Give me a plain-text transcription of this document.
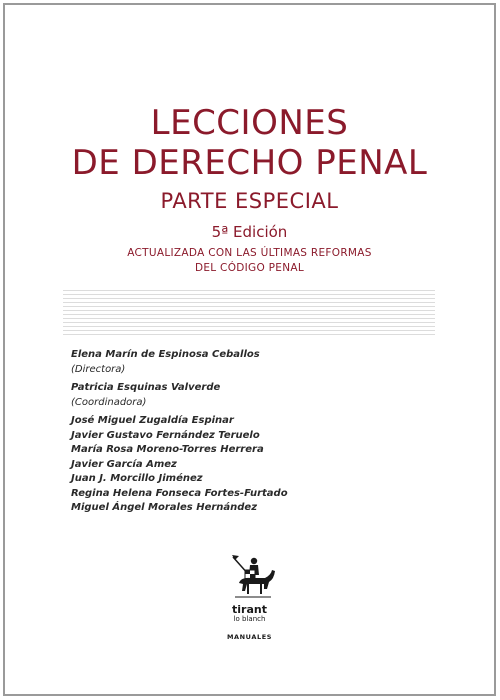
LECCIONES
DE DERECHO PENAL
PARTE ESPECIAL
5ª Edición
ACTUALIZADA CON LAS ÚLTIMAS REFORMAS
DEL CÓDIGO PENAL
Elena Marín de Espinosa Ceballos
(Directora)
Patricia Esquinas Valverde
(Coordinadora)
José Miguel Zugaldía Espinar
Javier Gustavo Fernández Teruelo
María Rosa Moreno-Torres Herrera
Javier García Amez
Juan J. Morcillo Jiménez
Regina Helena Fonseca Fortes-Furtado
Miguel Ángel Morales Hernández
tirant
lo blanch
MANUALES
